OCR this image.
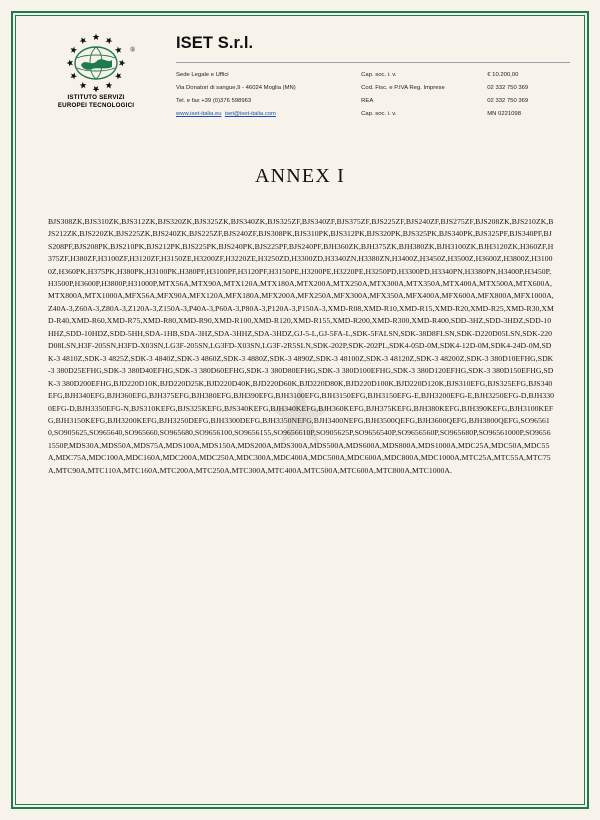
®
ISTITUTO SERVIZI
EUROPEI TECNOLOGICI
ISET S.r.l.
Sede Legale e Uffici	Cap. soc. i. v.	€ 10.200,00
Via Donatori di sangue,9 - 46024 Moglia (MN)	Cod. Fisc. e P.IVA Reg. Imprese	02 332 750 369
Tel. e fax +39 (0)376 598963	REA	02 332 750 369
www.iset-italia.eu iset@iset-italia.com	Cap. soc. i. v.	MN 0221098
ANNEX I
★
BJS308ZK,BJS310ZK,BJS312ZK,BJS320ZK,BJS325ZK,BJS340ZK,BJS325ZF,BJS340ZF,BJS375ZF,BJS225ZF,BJS240ZF,BJS275ZF,BJS208ZK,BJS210ZK,BJS212ZK,BJS220ZK,BJS225ZK,BJS240ZK,BJS225ZF,BJS240ZF,BJS308PK,BJS310PK,BJS312PK,BJS320PK,BJS325PK,BJS340PK,BJS325PF,BJS340PF,BJS208PF,BJS208PK,BJS210PK,BJS212PK,BJS225PK,BJS240PK,BJS225PF,BJS240PF,BJH360ZK,BJH375ZK,BJH380ZK,BJH3100ZK,BJH3120ZK,H360ZF,H375ZF,H380ZF,H3100ZF,H3120ZF,H3150ZE,H3200ZF,H3220ZE,H3250ZD,H3300ZD,H3340ZN,H3380ZN,H3400Z,H3450Z,H3500Z,H3600Z,H3800Z,H31000Z,H360PK,H375PK,H380PK,H3100PK,H380PF,H3100PF,H3120PF,H3150PE,H3200PE,H3220PE,H3250PD,H3300PD,H3340PN,H3380PN,H3400P,H3450P,H3500P,H3600P,H3800P,H31000P,MTX56A,MTX90A,MTX120A,MTX180A,MTX200A,MTX250A,MTX300A,MTX350A,MTX400A,MTX500A,MTX600A,MTX800A,MTX1000A,MFX56A,MFX90A,MFX120A,MFX180A,MFX200A,MFX250A,MFX300A,MFX350A,MFX400A,MFX600A,MFX800A,MFX1000A,Z40A-3,Z60A-3,Z80A-3,Z120A-3,Z150A-3,P40A-3,P60A-3,P80A-3,P120A-3,P150A-3,XMD-R08,XMD-R10,XMD-R15,XMD-R20,XMD-R25,XMD-R30,XMD-R40,XMD-R60,XMD-R75,XMD-R80,XMD-R90,XMD-R100,XMD-R120,XMD-R155,XMD-R200,XMD-R300,XMD-R400,SDD-3HZ,SDD-3HDZ,SDD-10HHZ,SDD-10HDZ,SDD-5HH,SDA-1HB,SDA-3HZ,SDA-3HHZ,SDA-3HDZ,GJ-5-L,GJ-5FA-L,SDK-5FALSN,SDK-38D8FLSN,SDK-D220D05LSN,SDK-220D08LSN,H3F-205SN,H3FD-X03SN,LG3F-205SN,LG3FD-X03SN,LG3F-2R5SLN,SDK-202P,SDK-202PL,SDK4-05D-0M,SDK4-12D-0M,SDK4-24D-0M,SDK-3 4810Z,SDK-3 4825Z,SDK-3 4840Z,SDK-3 4860Z,SDK-3 4880Z,SDK-3 4890Z,SDK-3 48100Z,SDK-3 48120Z,SDK-3 48200Z,SDK-3 380D10EFHG,SDK-3 380D25EFHG,SDK-3 380D40EFHG,SDK-3 380D60EFHG,SDK-3 380D80EFHG,SDK-3 380D100EFHG,SDK-3 380D120EFHG,SDK-3 380D150EFHG,SDK-3 380D200EFHG,BJD220D10K,BJD220D25K,BJD220D40K,BJD220D60K,BJD220D80K,BJD220D100K,BJD220D120K,BJS310EFG,BJS325EFG,BJS340EFG,BJH340EFG,BJH360EFG,BJH375EFG,BJH380EFG,BJH390EFG,BJH3100EFG,BJH3150EFG,BJH3150EFG-E,BJH3200EFG-E,BJH3250EFG-D,BJH3300EFG-D,BJH3350EFG-N,BJS310KEFG,BJS325KEFG,BJS340KEFG,BJH340KEFG,BJH360KEFG,BJH375KEFG,BJH380KEFG,BJH390KEFG,BJH3100KEFG,BJH3150KEFG,BJH3200KEFG,BJH3250DEFG,BJH3300DEFG,BJH3350NEFG,BJH3400NEFG,BJH3500QEFG,BJH3600QEFG,BJH3800QEFG,SO965610,SO905625,SO965640,SO965660,SO965680,SO9656100,SO9656155,SO9656610P,SO905625P,SO9656540P,SO9656560P,SO965680P,SO96561000P,SO96561550P,MDS30A,MDS50A,MDS75A,MDS100A,MDS150A,MDS200A,MDS300A,MDS500A,MDS600A,MDS800A,MDS1000A,MDC25A,MDC50A,MDC55A,MDC75A,MDC100A,MDC160A,MDC200A,MDC250A,MDC300A,MDC400A,MDC500A,MDC600A,MDC800A,MDC1000A,MTC25A,MTC55A,MTC75A,MTC90A,MTC110A,MTC160A,MTC200A,MTC250A,MTC300A,MTC400A,MTC500A,MTC600A,MTC800A,MTC1000A.
